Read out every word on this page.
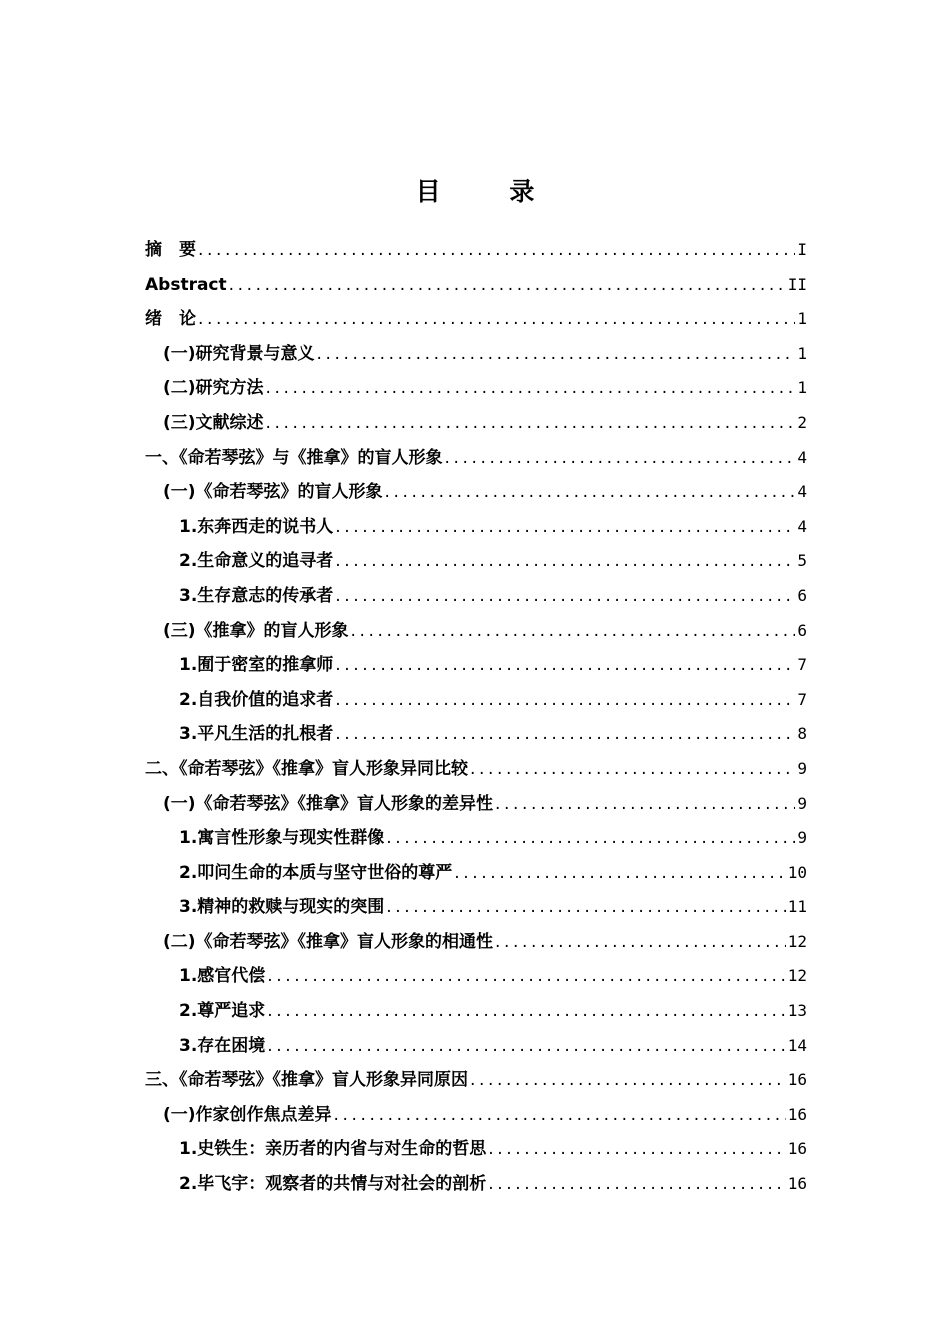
目 录
摘　要 .....	I
Abstract .....	II
绪　论 .....	1
(一)研究背景与意义 .....	1
(二)研究方法 .....	1
(三)文献综述 .....	2
一、《命若琴弦》与《推拿》的盲人形象 .....	4
(一)《命若琴弦》的盲人形象 .....	4
1.东奔西走的说书人 .....	4
2.生命意义的追寻者 .....	5
3.生存意志的传承者 .....	6
(三)《推拿》的盲人形象 .....	6
1.囿于密室的推拿师 .....	7
2.自我价值的追求者 .....	7
3.平凡生活的扎根者 .....	8
二、《命若琴弦》《推拿》盲人形象异同比较 .....	9
(一)《命若琴弦》《推拿》盲人形象的差异性 .....	9
1.寓言性形象与现实性群像 .....	9
2.叩问生命的本质与坚守世俗的尊严 .....	10
3.精神的救赎与现实的突围 .....	11
(二)《命若琴弦》《推拿》盲人形象的相通性 .....	12
1.感官代偿 .....	12
2.尊严追求 .....	13
3.存在困境 .....	14
三、《命若琴弦》《推拿》盲人形象异同原因 .....	16
(一)作家创作焦点差异 .....	16
1.史铁生：亲历者的内省与对生命的哲思 .....	16
2.毕飞宇：观察者的共情与对社会的剖析 .....	16
